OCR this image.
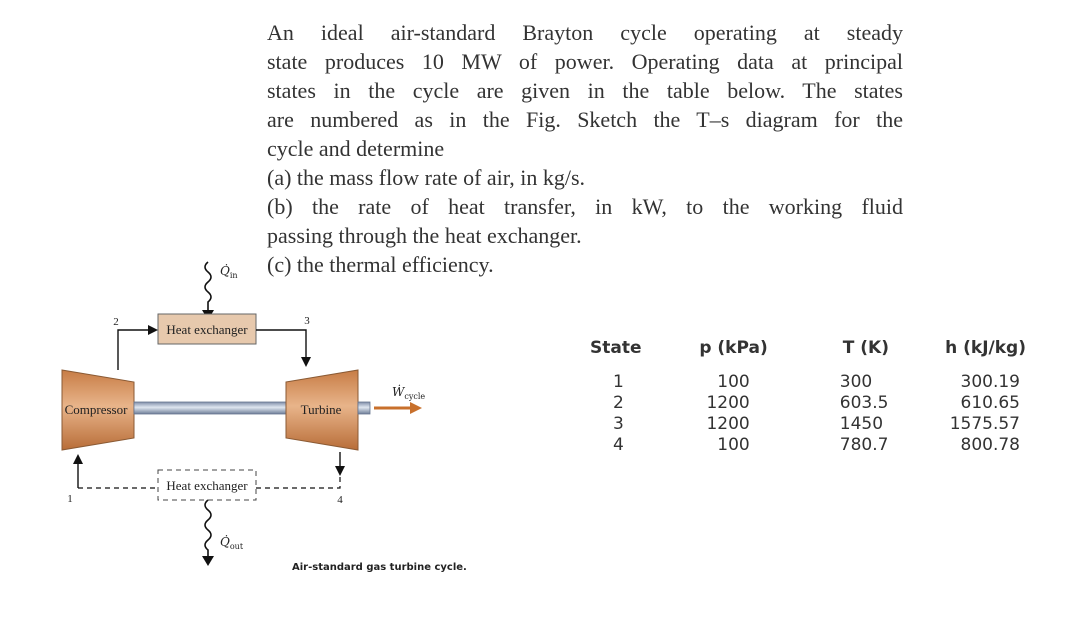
An ideal air-standard Brayton cycle operating at steady

state produces 10 MW of power. Operating data at principal

states in the cycle are given in the table below. The states

are numbered as in the Fig. Sketch the T–s diagram for the

cycle and determine

(a) the mass flow rate of air, in kg/s.

(b) the rate of heat transfer, in kW, to the working fluid

passing through the heat exchanger.

(c) the thermal efficiency.

$Q̇_{in}$
Heat exchanger
2	3
Compressor	Turbine
Ẇ$_{cycle}$
1	4
Heat exchanger
$Q̇_{out}$
Air-standard gas turbine cycle.
State	p (kPa)	T (K)	h (kJ/kg)
1	100	300	300.19
2	1200	603.5	610.65
3	1200	1450	1575.57
4	100	780.7	800.78
